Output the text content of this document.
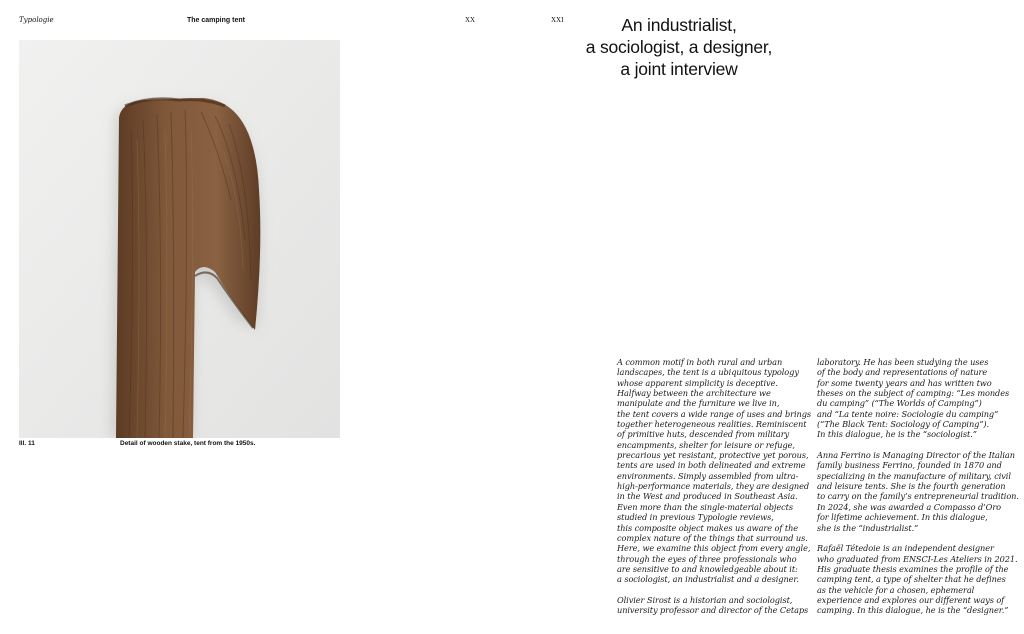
Typologie	The camping tent	XX	XXI
Ill. 11	Detail of wooden stake, tent from the 1950s.
An industrialist,
a sociologist, a designer,
a joint interview
A common motif in both rural and urban
landscapes, the tent is a ubiquitous typology
whose apparent simplicity is deceptive.
Halfway between the architecture we
manipulate and the furniture we live in,
the tent covers a wide range of uses and brings
together heterogeneous realities. Reminiscent
of primitive huts, descended from military
encampments, shelter for leisure or refuge,
precarious yet resistant, protective yet porous,
tents are used in both delineated and extreme
environments. Simply assembled from ultra-
high-performance materials, they are designed
in the West and produced in Southeast Asia.
Even more than the single-material objects
studied in previous Typologie reviews,
this composite object makes us aware of the
complex nature of the things that surround us.
Here, we examine this object from every angle,
through the eyes of three professionals who
are sensitive to and knowledgeable about it:
a sociologist, an industrialist and a designer.
Olivier Sirost is a historian and sociologist,
university professor and director of the Cetaps
laboratory. He has been studying the uses
of the body and representations of nature
for some twenty years and has written two
theses on the subject of camping: “Les mondes
du camping” (“The Worlds of Camping”)
and “La tente noire: Sociologie du camping”
(“The Black Tent: Sociology of Camping”).
In this dialogue, he is the “sociologist.”
Anna Ferrino is Managing Director of the Italian
family business Ferrino, founded in 1870 and
specializing in the manufacture of military, civil
and leisure tents. She is the fourth generation
to carry on the family’s entrepreneurial tradition.
In 2024, she was awarded a Compasso d’Oro
for lifetime achievement. In this dialogue,
she is the “industrialist.”
Rafaël Tétedoie is an independent designer
who graduated from ENSCI-Les Ateliers in 2021.
His graduate thesis examines the profile of the
camping tent, a type of shelter that he defines
as the vehicle for a chosen, ephemeral
experience and explores our different ways of
camping. In this dialogue, he is the “designer.”
